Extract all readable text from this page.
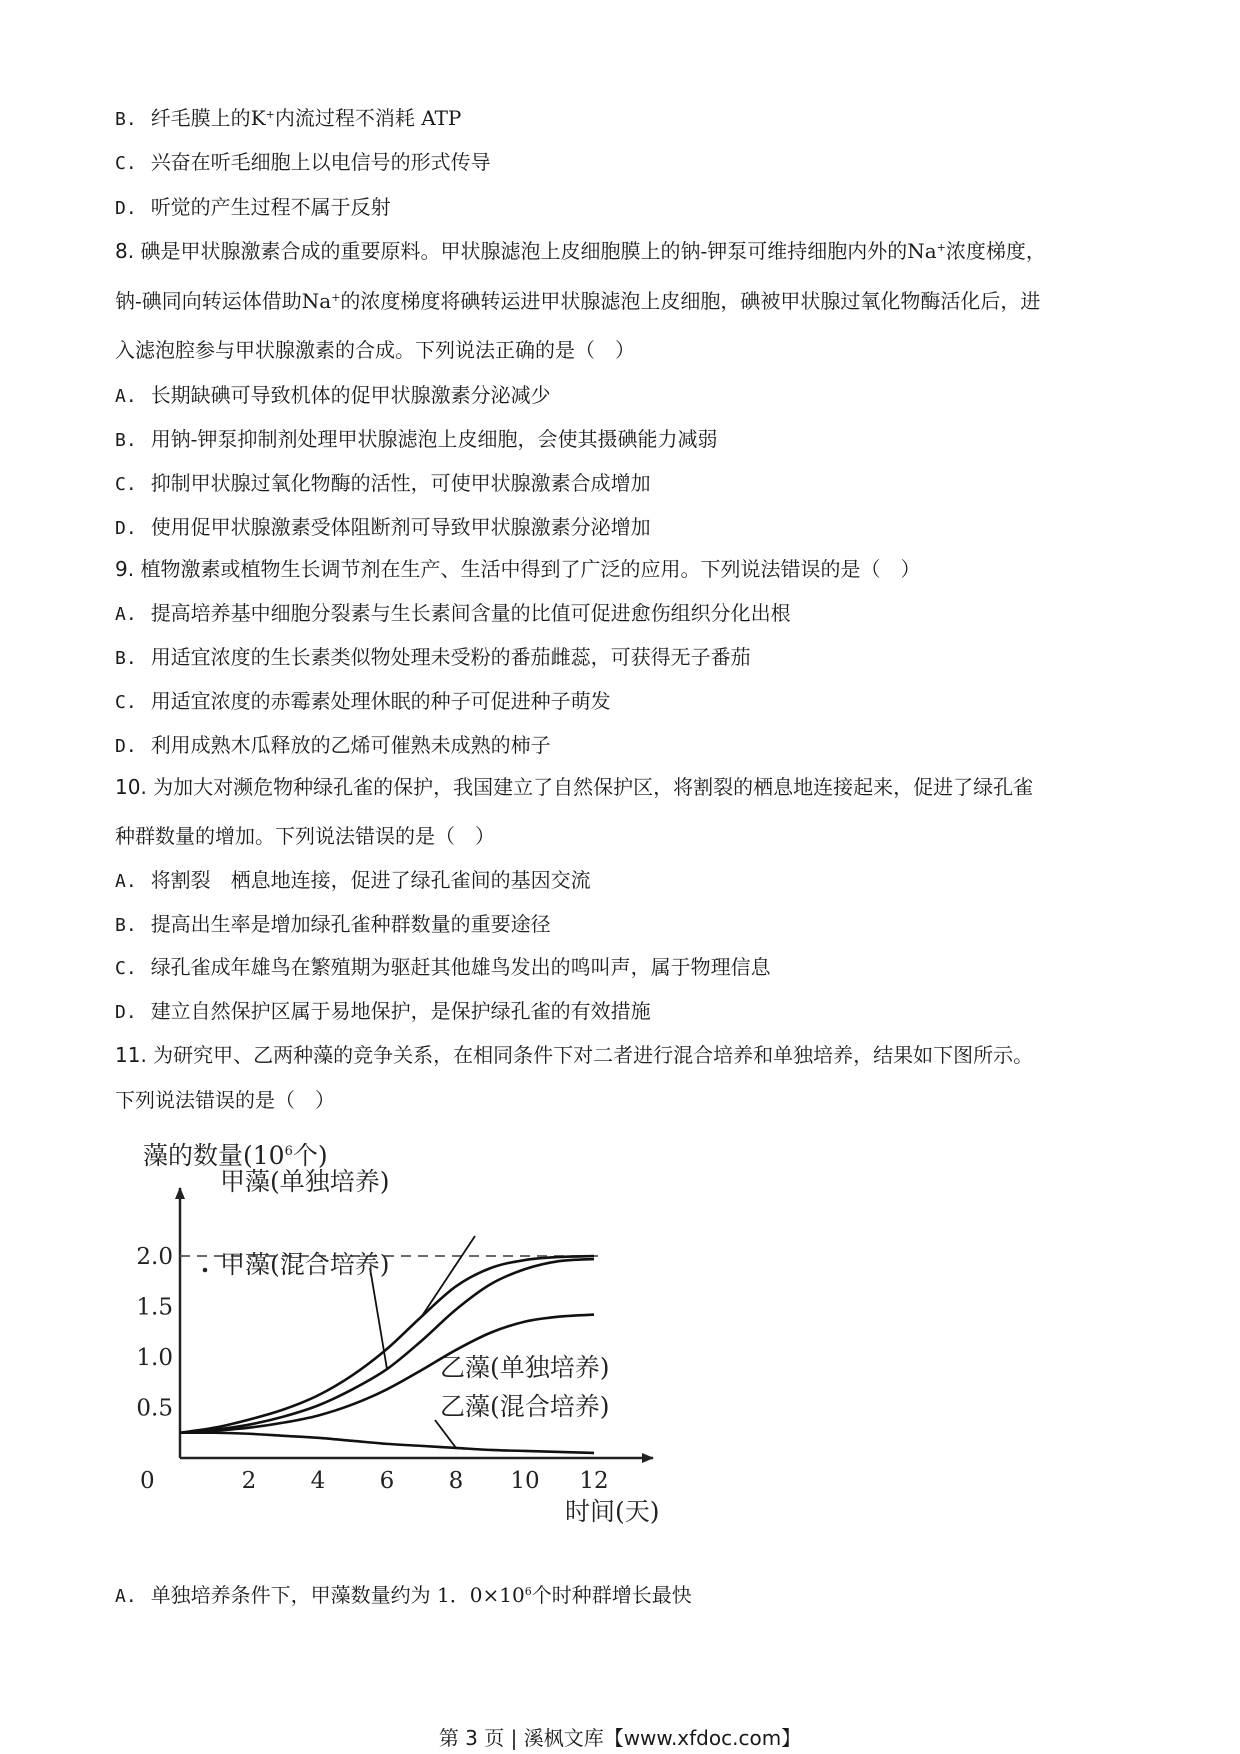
B. 纤毛膜上的K+内流过程不消耗 ATP
C. 兴奋在听毛细胞上以电信号的形式传导
D. 听觉的产生过程不属于反射
8. 碘是甲状腺激素合成的重要原料。甲状腺滤泡上皮细胞膜上的钠-钾泵可维持细胞内外的Na+浓度梯度，
钠-碘同向转运体借助Na+的浓度梯度将碘转运进甲状腺滤泡上皮细胞，碘被甲状腺过氧化物酶活化后，进
入滤泡腔参与甲状腺激素的合成。下列说法正确的是（　）
A. 长期缺碘可导致机体的促甲状腺激素分泌减少
B. 用钠-钾泵抑制剂处理甲状腺滤泡上皮细胞，会使其摄碘能力减弱
C. 抑制甲状腺过氧化物酶的活性，可使甲状腺激素合成增加
D. 使用促甲状腺激素受体阻断剂可导致甲状腺激素分泌增加
9. 植物激素或植物生长调节剂在生产、生活中得到了广泛的应用。下列说法错误的是（　）
A. 提高培养基中细胞分裂素与生长素间含量的比值可促进愈伤组织分化出根
B. 用适宜浓度的生长素类似物处理未受粉的番茄雌蕊，可获得无子番茄
C. 用适宜浓度的赤霉素处理休眠的种子可促进种子萌发
D. 利用成熟木瓜释放的乙烯可催熟未成熟的柿子
10. 为加大对濒危物种绿孔雀的保护，我国建立了自然保护区，将割裂的栖息地连接起来，促进了绿孔雀
种群数量的增加。下列说法错误的是（　）
A. 将割裂　栖息地连接，促进了绿孔雀间的基因交流
B. 提高出生率是增加绿孔雀种群数量的重要途径
C. 绿孔雀成年雄鸟在繁殖期为驱赶其他雄鸟发出的鸣叫声，属于物理信息
D. 建立自然保护区属于易地保护，是保护绿孔雀的有效措施
11. 为研究甲、乙两种藻的竞争关系，在相同条件下对二者进行混合培养和单独培养，结果如下图所示。
下列说法错误的是（　）
藻的数量($10^6$个)
0.5
1.0
1.5
2.0
0	2 4 6 8 10 12
甲藻(单独培养)
甲藻(混合培养)
乙藻(单独培养)
乙藻(混合培养)
时间(天)
A. 单独培养条件下，甲藻数量约为 1．$0\times 10^6$个时种群增长最快
第 3 页 | 溪枫文库【www.xfdoc.com】
